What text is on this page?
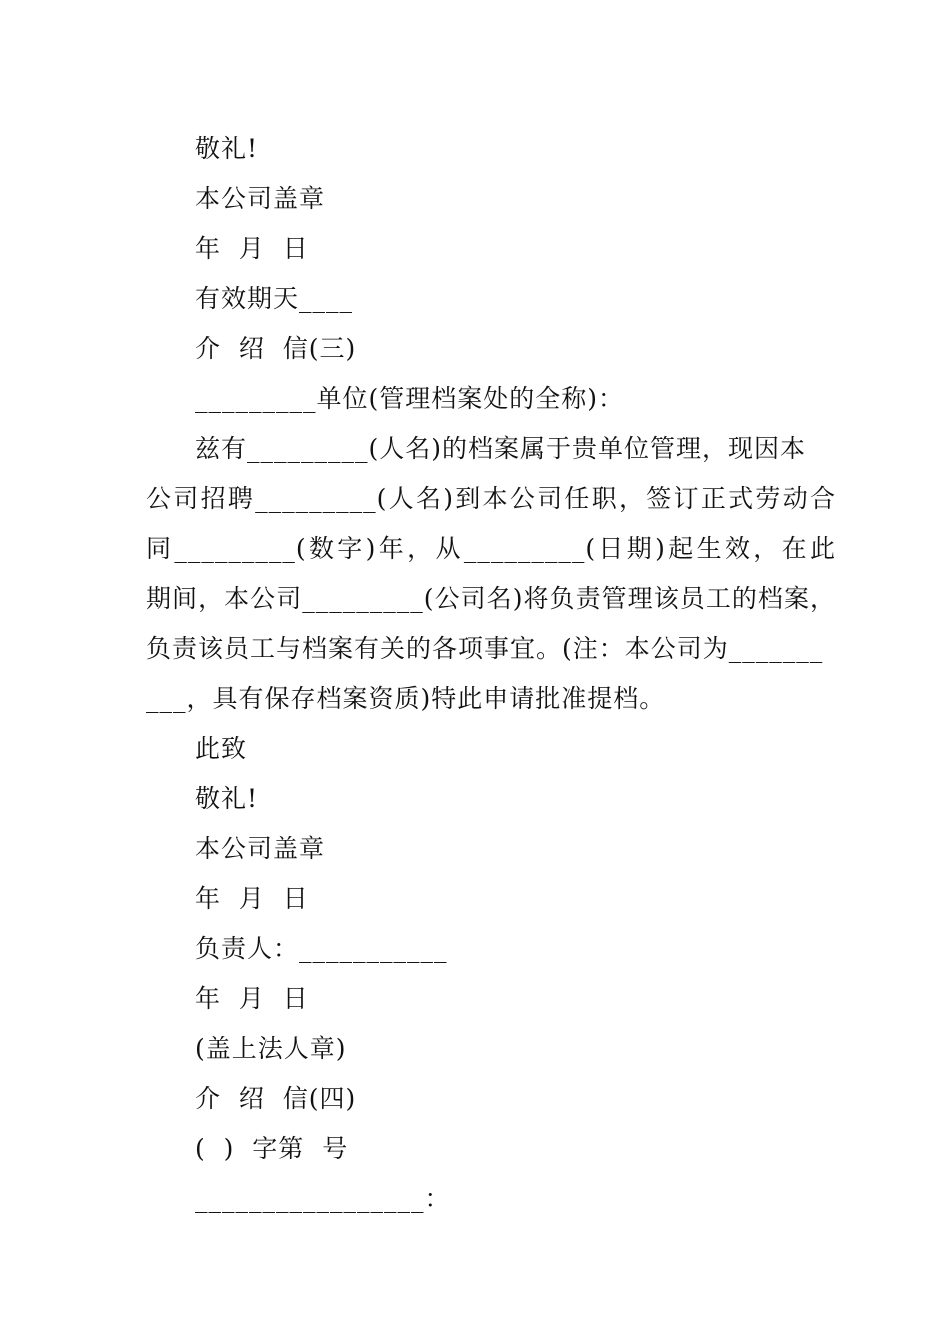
敬礼!
本公司盖章
年  月  日
有效期天____
介  绍  信(三)
_________单位(管理档案处的全称)：
兹有_________(人名)的档案属于贵单位管理，现因本
公司招聘_________(人名)到本公司任职，签订正式劳动合
同_________(数字)年，从_________(日期)起生效，在此
期间，本公司_________(公司名)将负责管理该员工的档案，
负责该员工与档案有关的各项事宜。(注：本公司为_______
___，具有保存档案资质)特此申请批准提档。
此致
敬礼!
本公司盖章
年  月  日
负责人：___________
年  月  日
(盖上法人章)
介  绍  信(四)
(  )  字第  号
_________________：
